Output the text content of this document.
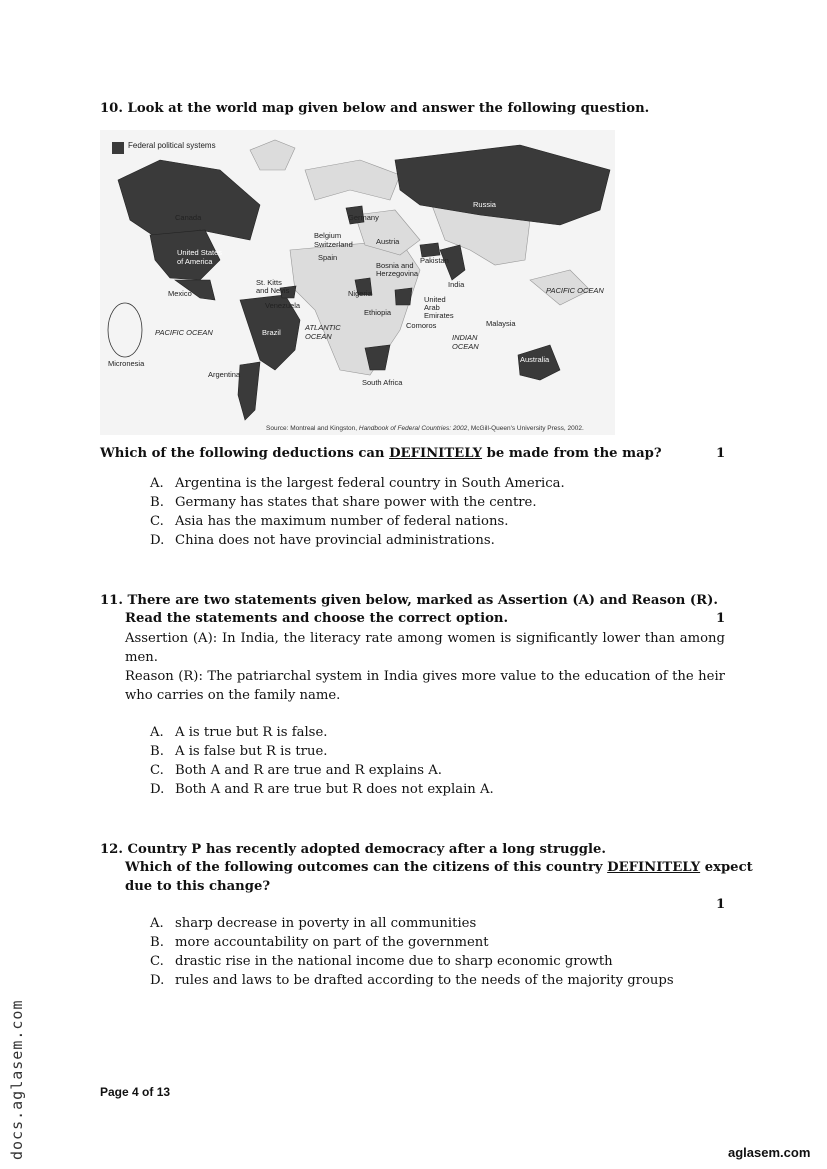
10. Look at the world map given below and answer the following question.
Federal political systems
Canada
United States
of America
Mexico
St. Kitts
and Nevis
Venezuela
Brazil
Argentina
Germany
Belgium
Switzerland
Spain
Austria
Bosnia and
Herzegovina
Russia
Pakistan
India
Nigeria
Ethiopia
United
Arab
Emirates
Comoros	Malaysia
Australia
South Africa
Micronesia
PACIFIC OCEAN
PACIFIC OCEAN
ATLANTIC
OCEAN	INDIAN
OCEAN
Source: Montreal and Kingston, Handbook of Federal Countries: 2002, McGill-Queen's University Press, 2002.
Which of the following deductions can DEFINITELY be made from the map?	1
A. Argentina is the largest federal country in South America.
B. Germany has states that share power with the centre.
C. Asia has the maximum number of federal nations.
D. China does not have provincial administrations.
11. There are two statements given below, marked as Assertion (A) and Reason (R).
Read the statements and choose the correct option.	1
Assertion (A): In India, the literacy rate among women is significantly lower than among men.
Reason (R): The patriarchal system in India gives more value to the education of the heir who carries on the family name.
A. A is true but R is false.
B. A is false but R is true.
C. Both A and R are true and R explains A.
D. Both A and R are true but R does not explain A.
12. Country P has recently adopted democracy after a long struggle.
Which of the following outcomes can the citizens of this country DEFINITELY expect
due to this change?
1
A. sharp decrease in poverty in all communities
B. more accountability on part of the government
C. drastic rise in the national income due to sharp economic growth
D. rules and laws to be drafted according to the needs of the majority groups
Page 4 of 13
aglasem.com
docs.aglasem.com
